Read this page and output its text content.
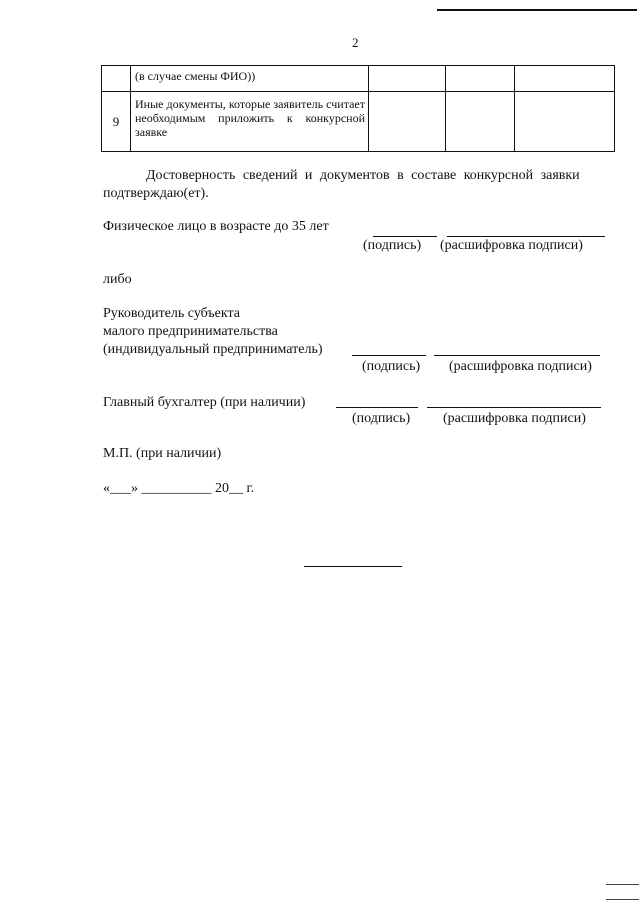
2
	(в случае смены ФИО))			
9	Иные документы, которые заявитель считает необходимым приложить к конкурсной заявке			
Достоверность сведений и документов в составе конкурсной заявки
подтверждаю(ет).
Физическое лицо в возрасте до 35 лет
(подпись) (расшифровка подписи)
либо
Руководитель субъекта
малого предпринимательства
(индивидуальный предприниматель)
(подпись) (расшифровка подписи)
Главный бухгалтер (при наличии)
(подпись) (расшифровка подписи)
М.П. (при наличии)
«___» __________ 20__ г.
